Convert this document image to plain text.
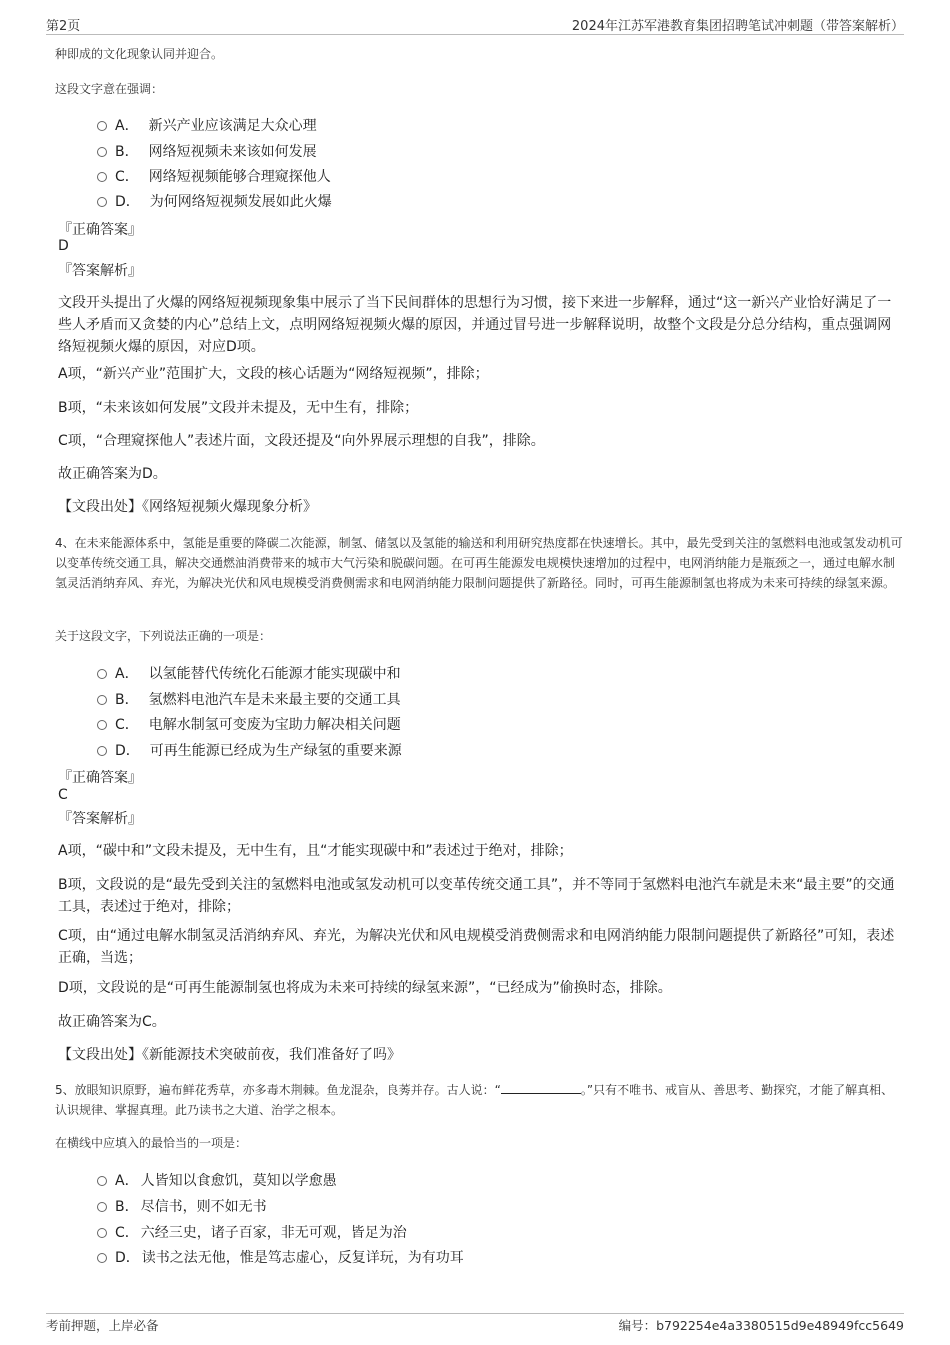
第2页	2024年江苏军港教育集团招聘笔试冲刺题（带答案解析）
种即成的文化现象认同并迎合。
这段文字意在强调：
A． 新兴产业应该满足大众心理
B． 网络短视频未来该如何发展
C． 网络短视频能够合理窥探他人
D． 为何网络短视频发展如此火爆
『正确答案』
D
『答案解析』
文段开头提出了火爆的网络短视频现象集中展示了当下民间群体的思想行为习惯，接下来进一步解释，通过“这一新兴产业恰好满足了一些人矛盾而又贪婪的内心”总结上文，点明网络短视频火爆的原因，并通过冒号进一步解释说明，故整个文段是分总分结构，重点强调网络短视频火爆的原因，对应D项。
A项，“新兴产业”范围扩大，文段的核心话题为“网络短视频”，排除；
B项，“未来该如何发展”文段并未提及，无中生有，排除；
C项，“合理窥探他人”表述片面，文段还提及“向外界展示理想的自我”，排除。
故正确答案为D。
【文段出处】《网络短视频火爆现象分析》
4、在未来能源体系中，氢能是重要的降碳二次能源，制氢、储氢以及氢能的输送和利用研究热度都在快速增长。其中，最先受到关注的氢燃料电池或氢发动机可以变革传统交通工具，解决交通燃油消费带来的城市大气污染和脱碳问题。在可再生能源发电规模快速增加的过程中，电网消纳能力是瓶颈之一，通过电解水制氢灵活消纳弃风、弃光，为解决光伏和风电规模受消费侧需求和电网消纳能力限制问题提供了新路径。同时，可再生能源制氢也将成为未来可持续的绿氢来源。
关于这段文字，下列说法正确的一项是：
A． 以氢能替代传统化石能源才能实现碳中和
B． 氢燃料电池汽车是未来最主要的交通工具
C． 电解水制氢可变废为宝助力解决相关问题
D． 可再生能源已经成为生产绿氢的重要来源
『正确答案』
C
『答案解析』
A项，“碳中和”文段未提及，无中生有，且“才能实现碳中和”表述过于绝对，排除；
B项，文段说的是“最先受到关注的氢燃料电池或氢发动机可以变革传统交通工具”，并不等同于氢燃料电池汽车就是未来“最主要”的交通工具，表述过于绝对，排除；
C项，由“通过电解水制氢灵活消纳弃风、弃光，为解决光伏和风电规模受消费侧需求和电网消纳能力限制问题提供了新路径”可知，表述正确，当选；
D项，文段说的是“可再生能源制氢也将成为未来可持续的绿氢来源”，“已经成为”偷换时态，排除。
故正确答案为C。
【文段出处】《新能源技术突破前夜，我们准备好了吗》
5、放眼知识原野，遍布鲜花秀草，亦多毒木荆棘。鱼龙混杂，良莠并存。古人说：“	。”只有不唯书、戒盲从、善思考、勤探究，才能了解真相、认识规律、掌握真理。此乃读书之大道、治学之根本。
在横线中应填入的最恰当的一项是：
A． 人皆知以食愈饥，莫知以学愈愚
B． 尽信书，则不如无书
C． 六经三史，诸子百家，非无可观，皆足为治
D． 读书之法无他，惟是笃志虚心，反复详玩，为有功耳
考前押题，上岸必备	编号：b792254e4a3380515d9e48949fcc5649
